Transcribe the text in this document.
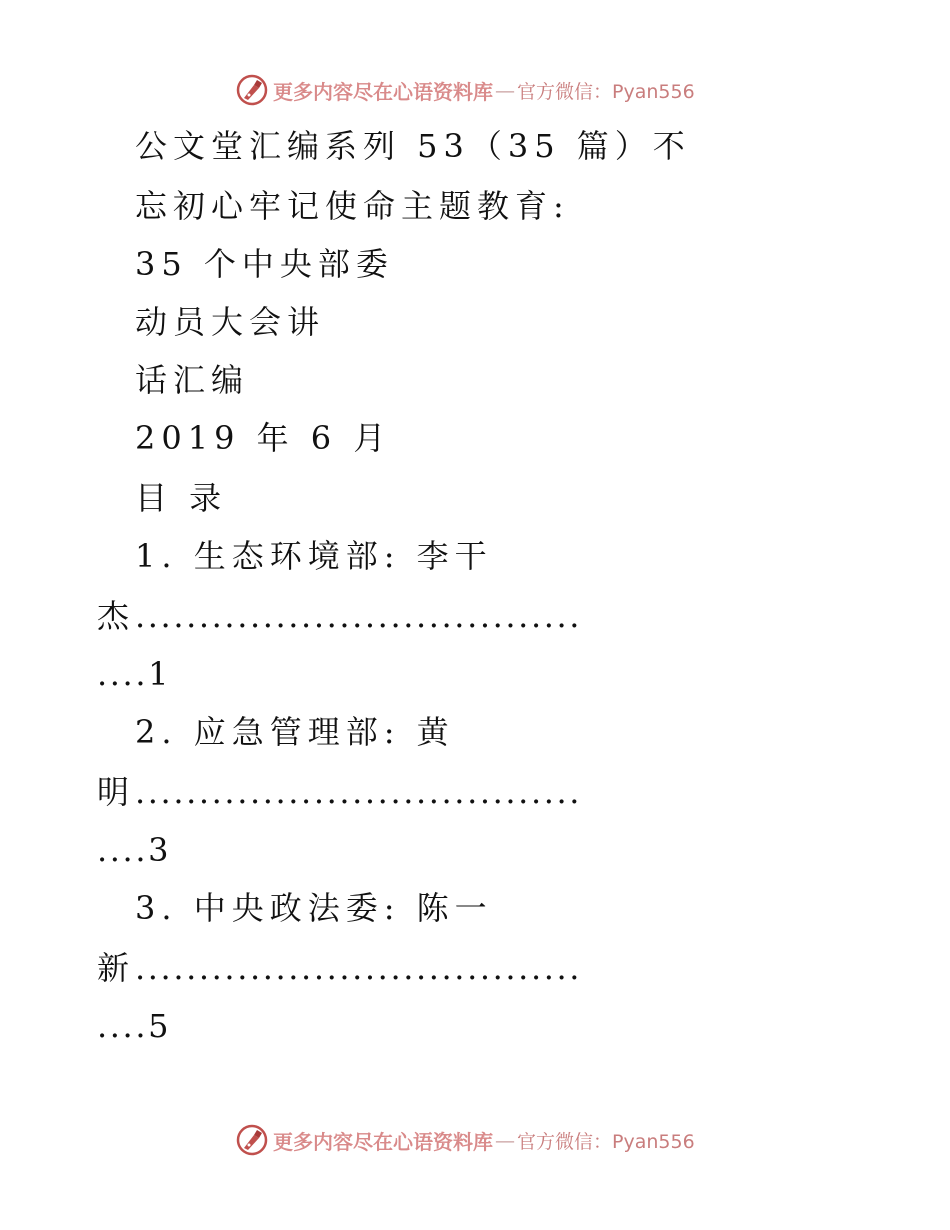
更多内容尽在心语资料库 — 官方微信：Pyan556
公文堂汇编系列 53（35 篇）不
忘初心牢记使命主题教育:
35 个中央部委
动员大会讲
话汇编
2019 年 6 月
目 录
1. 生态环境部: 李干
杰...................................
....1
2. 应急管理部: 黄
明...................................
....3
3. 中央政法委: 陈一
新...................................
....5
更多内容尽在心语资料库 — 官方微信：Pyan556
